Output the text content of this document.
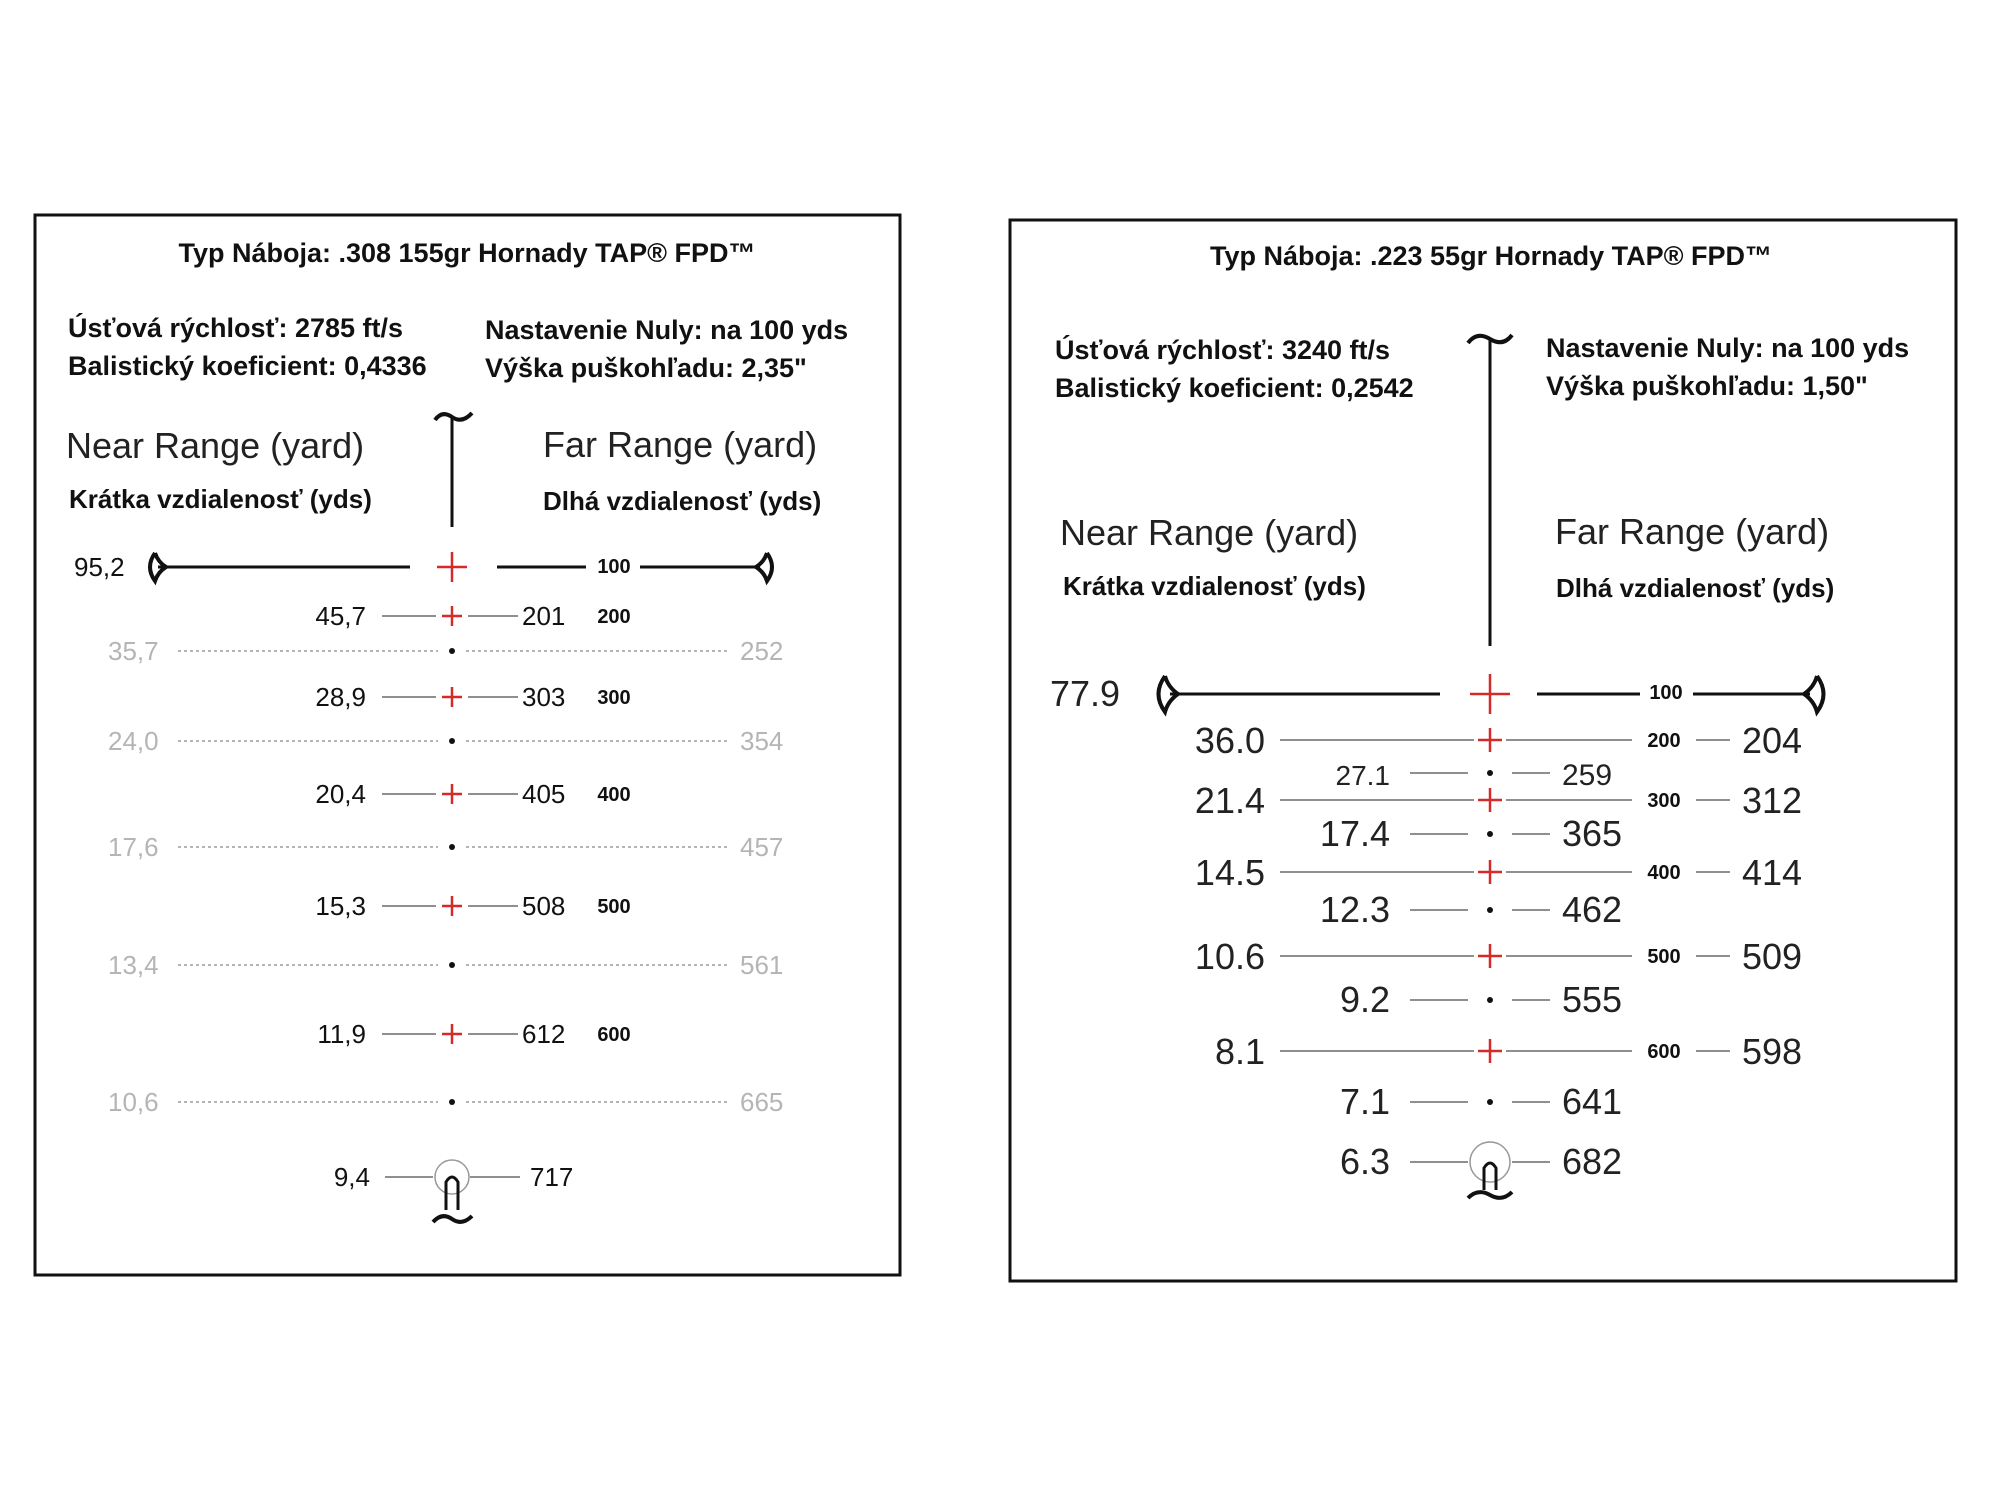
Typ Náboja: .308 155gr Hornady TAP® FPD™
Úsťová rýchlosť: 2785 ft/s
Balistický koeficient: 0,4336
Nastavenie Nuly: na 100 yds
Výška puškohľadu: 2,35"
Near Range (yard)
Krátka vzdialenosť (yds)
Far Range (yard)
Dlhá vzdialenosť (yds)
95,2	100
45,7	201 200
35,7	252
28,9	303 300
24,0	354
20,4	405 400
17,6	457
15,3	508 500
13,4	561
11,9	612 600
10,6	665
9,4	717
Typ Náboja: .223 55gr Hornady TAP® FPD™
Úsťová rýchlosť: 3240 ft/s
Balistický koeficient: 0,2542
Nastavenie Nuly: na 100 yds
Výška puškohľadu: 1,50"
Near Range (yard)
Krátka vzdialenosť (yds)
Far Range (yard)
Dlhá vzdialenosť (yds)
77.9	100
36.0	200 204
27.1	259
21.4	300 312
17.4	365
14.5	400 414
12.3	462
10.6	500 509
9.2	555
8.1	600 598
7.1	641
6.3	682
